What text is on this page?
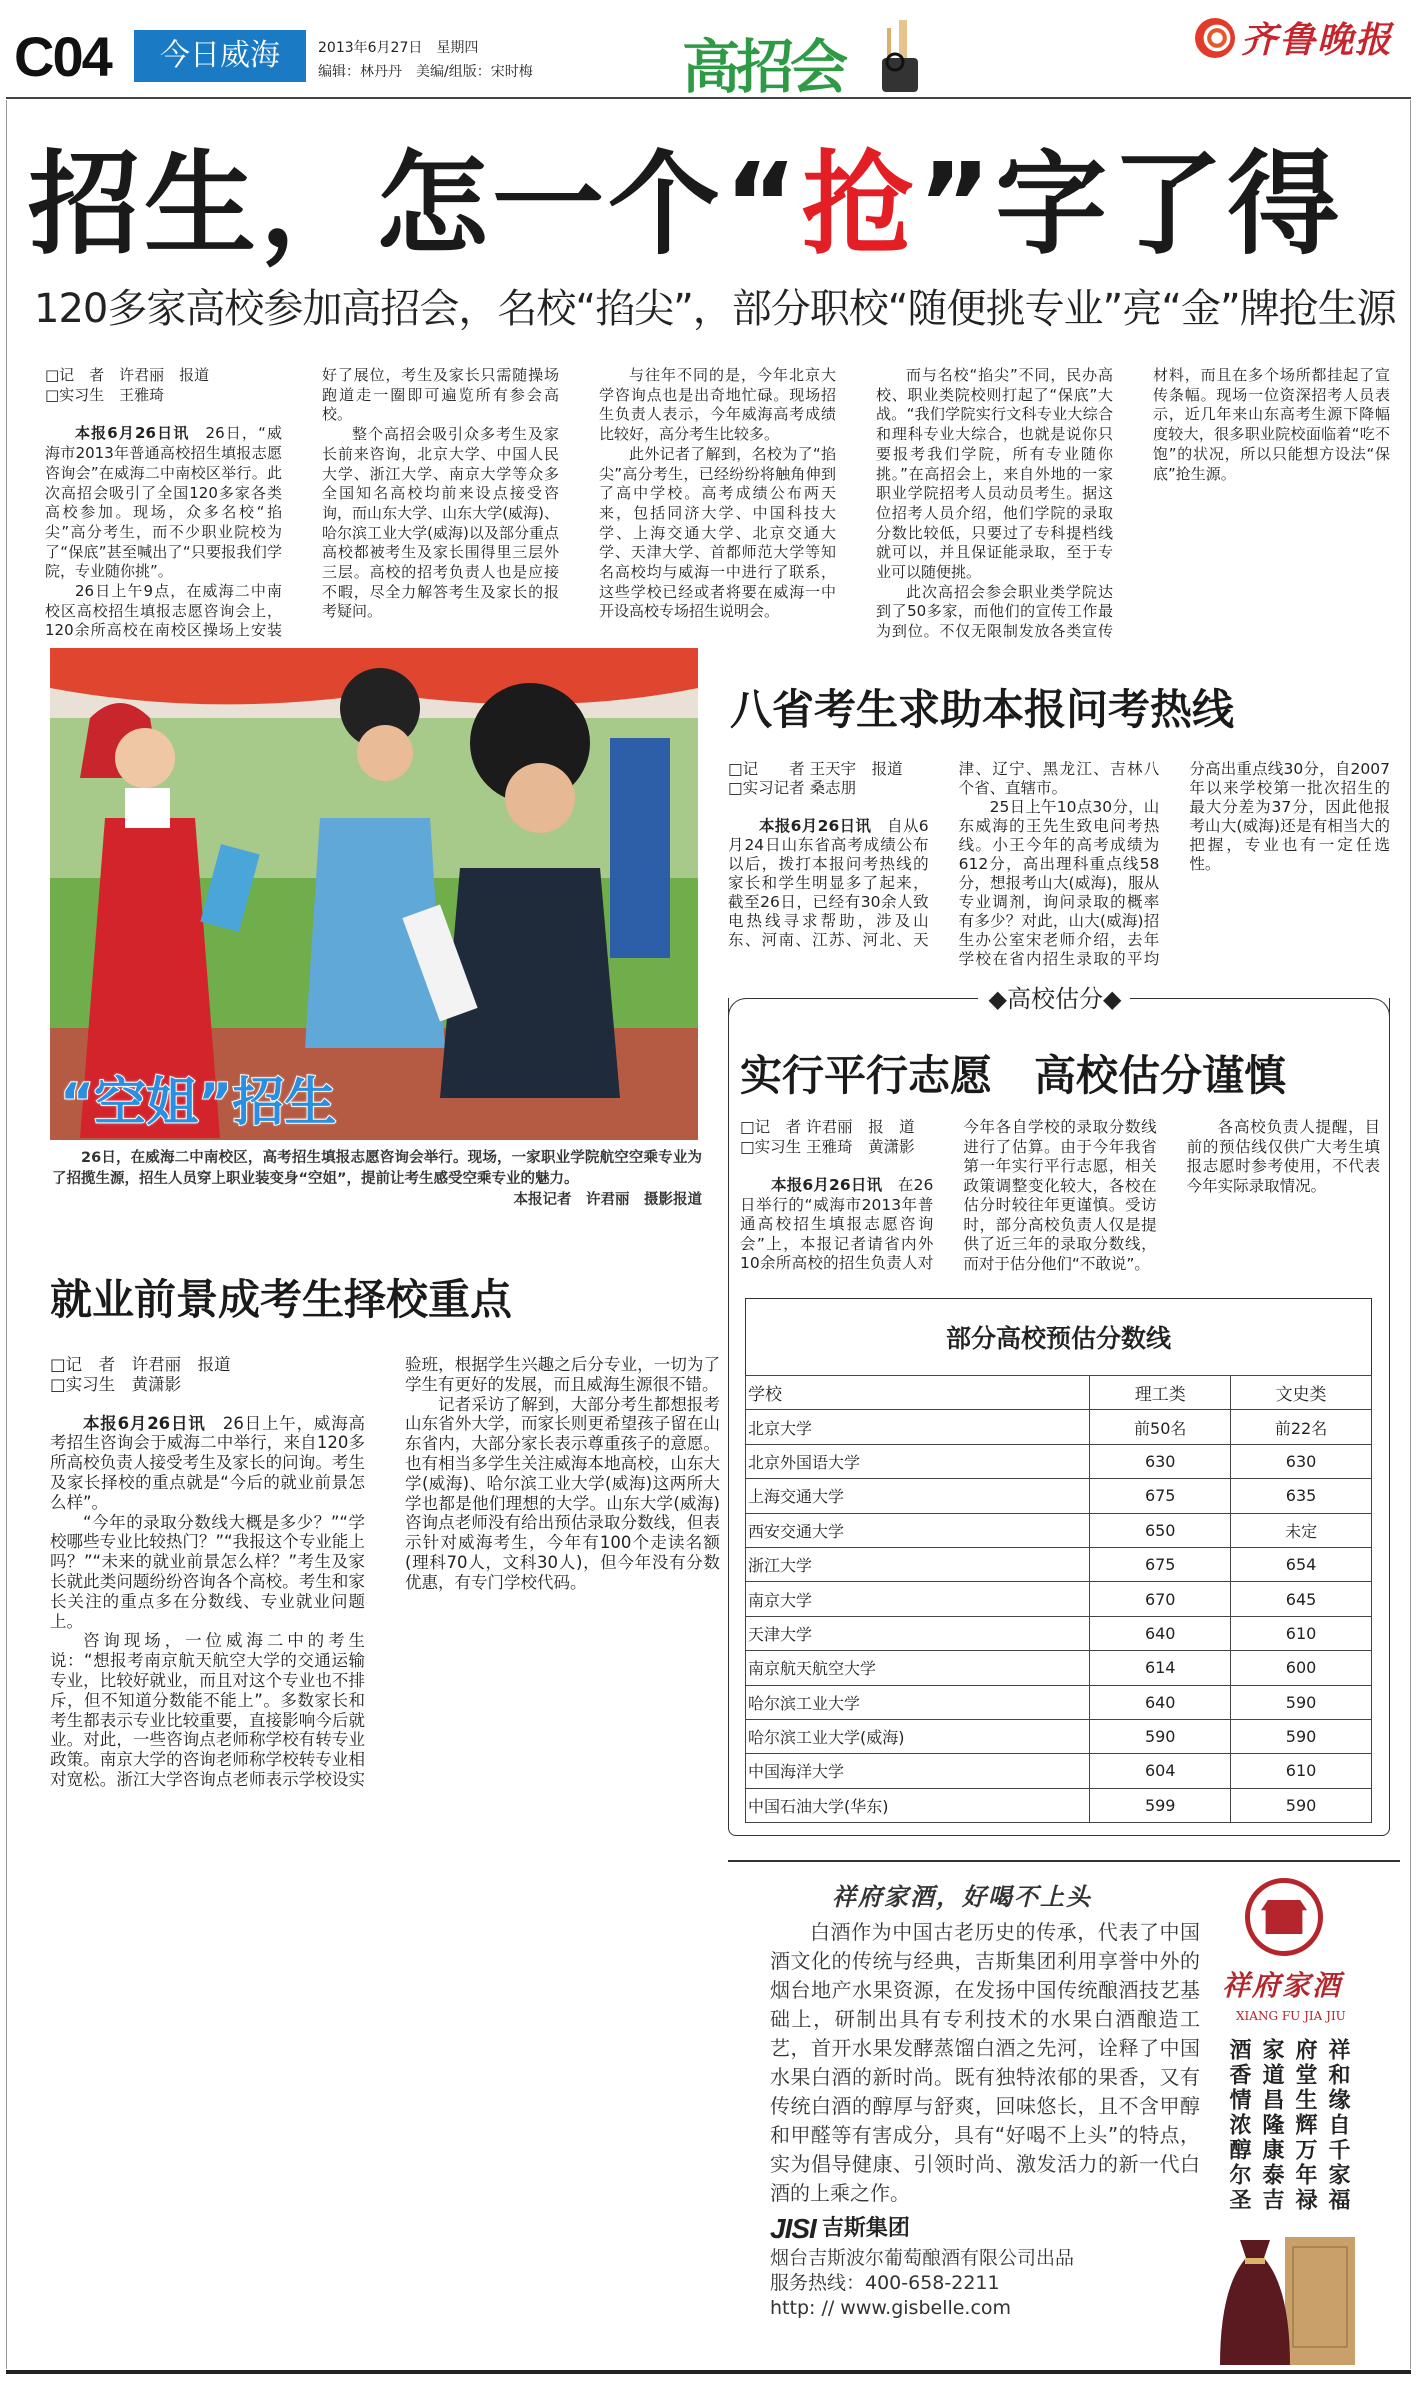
C04	今日威海	2013年6月27日　星期四
编辑：林丹丹　美编/组版：宋时梅	高招会	齐鲁晚报
招生，怎一个“抢”字了得
120多家高校参加高招会，名校“掐尖”，部分职校“随便挑专业”亮“金”牌抢生源
□记　者　许君丽　报道
□实习生　王雅琦

本报6月26日讯　26日，“威海市2013年普通高校招生填报志愿咨询会”在威海二中南校区举行。此次高招会吸引了全国120多家各类高校参加。现场，众多名校“掐尖”高分考生，而不少职业院校为了“保底”甚至喊出了“只要报我们学院，专业随你挑”。

26日上午9点，在威海二中南校区高校招生填报志愿咨询会上，120余所高校在南校区操场上安装好了展位，考生及家长只需随操场跑道走一圈即可遍览所有参会高校。

整个高招会吸引众多考生及家长前来咨询，北京大学、中国人民大学、浙江大学、南京大学等众多全国知名高校均前来设点接受咨询，而山东大学、山东大学(威海)、哈尔滨工业大学(威海)以及部分重点高校都被考生及家长围得里三层外三层。高校的招考负责人也是应接不暇，尽全力解答考生及家长的报考疑问。

与往年不同的是，今年北京大学咨询点也是出奇地忙碌。现场招生负责人表示，今年威海高考成绩比较好，高分考生比较多。

此外记者了解到，名校为了“掐尖”高分考生，已经纷纷将触角伸到了高中学校。高考成绩公布两天来，包括同济大学、中国科技大学、上海交通大学、北京交通大学、天津大学、首都师范大学等知名高校均与威海一中进行了联系，这些学校已经或者将要在威海一中开设高校专场招生说明会。

而与名校“掐尖”不同，民办高校、职业类院校则打起了“保底”大战。“我们学院实行文科专业大综合和理科专业大综合，也就是说你只要报考我们学院，所有专业随你挑。”在高招会上，来自外地的一家职业学院招考人员动员考生。据这位招考人员介绍，他们学院的录取分数比较低，只要过了专科提档线就可以，并且保证能录取，至于专业可以随便挑。

此次高招会参会职业类学院达到了50多家，而他们的宣传工作最为到位。不仅无限制发放各类宣传材料，而且在多个场所都挂起了宣传条幅。现场一位资深招考人员表示，近几年来山东高考生源下降幅度较大，很多职业院校面临着“吃不饱”的状况，所以只能想方设法“保底”抢生源。

“空姐”招生
26日，在威海二中南校区，高考招生填报志愿咨询会举行。现场，一家职业学院航空空乘专业为了招揽生源，招生人员穿上职业装变身“空姐”，提前让考生感受空乘专业的魅力。
本报记者　许君丽　摄影报道
八省考生求助本报问考热线
□记　　者 王天宇　报道
□实习记者 桑志朋

本报6月26日讯　自从6月24日山东省高考成绩公布以后，拨打本报问考热线的家长和学生明显多了起来，截至26日，已经有30余人致电热线寻求帮助，涉及山东、河南、江苏、河北、天津、辽宁、黑龙江、吉林八个省、直辖市。

25日上午10点30分，山东威海的王先生致电问考热线。小王今年的高考成绩为612分，高出理科重点线58分，想报考山大(威海)，服从专业调剂，询问录取的概率有多少？对此，山大(威海)招生办公室宋老师介绍，去年学校在省内招生录取的平均分高出重点线30分，自2007年以来学校第一批次招生的最大分差为37分，因此他报考山大(威海)还是有相当大的把握，专业也有一定任选性。

◆高校估分◆
实行平行志愿　高校估分谨慎
□记　者 许君丽　报　道
□实习生 王雅琦　黄潇影

本报6月26日讯　在26日举行的“威海市2013年普通高校招生填报志愿咨询会”上，本报记者请省内外10余所高校的招生负责人对今年各自学校的录取分数线进行了估算。由于今年我省第一年实行平行志愿，相关政策调整变化较大，各校在估分时较往年更谨慎。受访时，部分高校负责人仅是提供了近三年的录取分数线，而对于估分他们“不敢说”。

各高校负责人提醒，目前的预估线仅供广大考生填报志愿时参考使用，不代表今年实际录取情况。

部分高校预估分数线
学校	理工类	文史类
北京大学	前50名	前22名
北京外国语大学	630	630
上海交通大学	675	635
西安交通大学	650	未定
浙江大学	675	654
南京大学	670	645
天津大学	640	610
南京航天航空大学	614	600
哈尔滨工业大学	640	590
哈尔滨工业大学(威海)	590	590
中国海洋大学	604	610
中国石油大学(华东)	599	590
就业前景成考生择校重点
□记　者　许君丽　报道
□实习生　黄潇影

本报6月26日讯　26日上午，威海高考招生咨询会于威海二中举行，来自120多所高校负责人接受考生及家长的问询。考生及家长择校的重点就是“今后的就业前景怎么样”。

“今年的录取分数线大概是多少？”“学校哪些专业比较热门？”“我报这个专业能上吗？”“未来的就业前景怎么样？”考生及家长就此类问题纷纷咨询各个高校。考生和家长关注的重点多在分数线、专业就业问题上。

咨询现场，一位威海二中的考生说：“想报考南京航天航空大学的交通运输专业，比较好就业，而且对这个专业也不排斥，但不知道分数能不能上”。多数家长和考生都表示专业比较重要，直接影响今后就业。对此，一些咨询点老师称学校有转专业政策。南京大学的咨询老师称学校转专业相对宽松。浙江大学咨询点老师表示学校设实验班，根据学生兴趣之后分专业，一切为了学生有更好的发展，而且威海生源很不错。

记者采访了解到，大部分考生都想报考山东省外大学，而家长则更希望孩子留在山东省内，大部分家长表示尊重孩子的意愿。也有相当多学生关注威海本地高校，山东大学(威海)、哈尔滨工业大学(威海)这两所大学也都是他们理想的大学。山东大学(威海)咨询点老师没有给出预估录取分数线，但表示针对威海考生，今年有100个走读名额(理科70人，文科30人)，但今年没有分数优惠，有专门学校代码。

祥府家酒，好喝不上头
白酒作为中国古老历史的传承，代表了中国酒文化的传统与经典，吉斯集团利用享誉中外的烟台地产水果资源，在发扬中国传统酿酒技艺基础上，研制出具有专利技术的水果白酒酿造工艺，首开水果发酵蒸馏白酒之先河，诠释了中国水果白酒的新时尚。既有独特浓郁的果香，又有传统白酒的醇厚与舒爽，回味悠长，且不含甲醇和甲醛等有害成分，具有“好喝不上头”的特点，实为倡导健康、引领时尚、激发活力的新一代白酒的上乘之作。
JISI 吉斯集团
烟台吉斯波尔葡萄酿酒有限公司出品
服务热线：400-658-2211
http: // www.gisbelle.com
祥府家酒
XIANG FU JIA JIU
祥和缘自千家福
府堂生辉万年禄
家道昌隆康泰吉
酒香情浓醇尔圣
